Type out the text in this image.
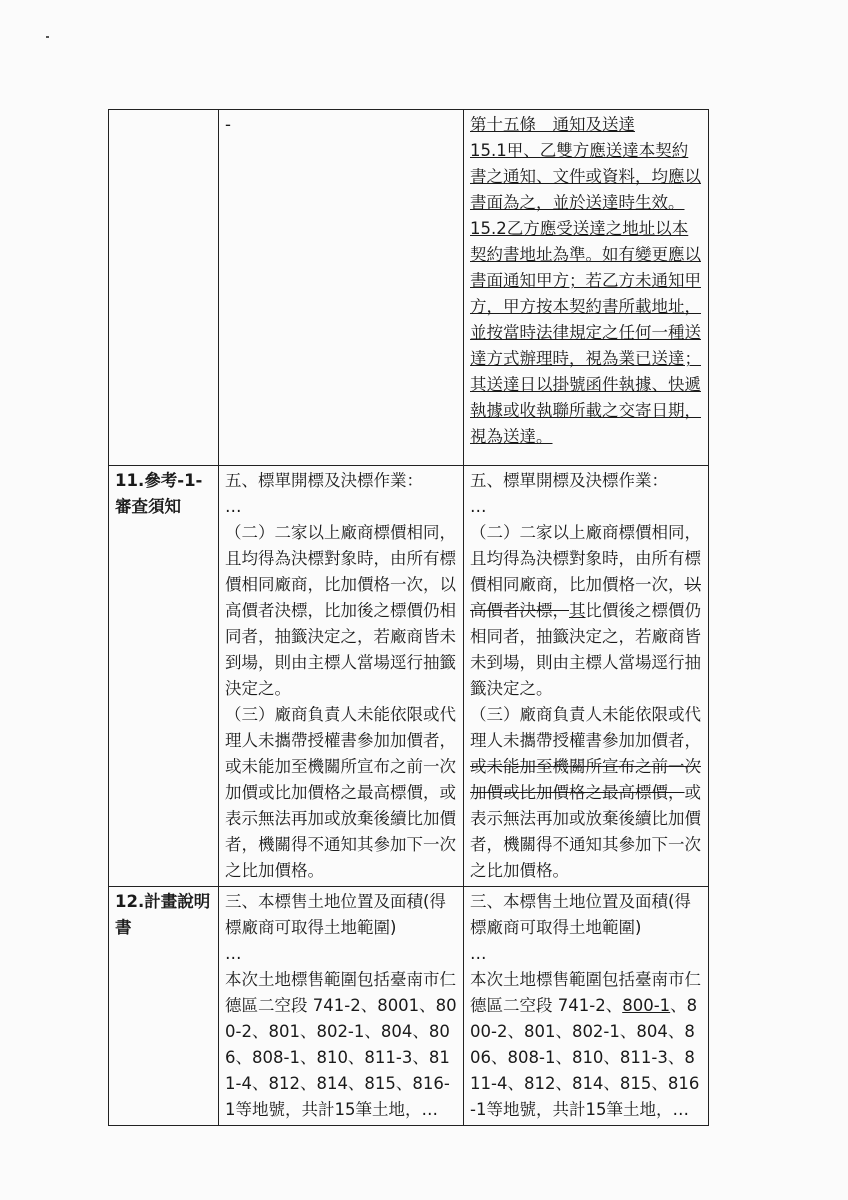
	-	第十五條　通知及送達
15.1甲、乙雙方應送達本契約書之通知、文件或資料，均應以書面為之，並於送達時生效。
15.2乙方應受送達之地址以本契約書地址為準。如有變更應以書面通知甲方；若乙方未通知甲方，甲方按本契約書所載地址，並按當時法律規定之任何一種送達方式辦理時，視為業已送達；其送達日以掛號函件執據、快遞執據或收執聯所載之交寄日期，視為送達。

11.參考-1-審查須知	五、標單開標及決標作業：
…
（二）二家以上廠商標價相同，且均得為決標對象時，由所有標價相同廠商，比加價格一次，以高價者決標，比加後之標價仍相同者，抽籤決定之，若廠商皆未到場，則由主標人當場逕行抽籤決定之。
（三）廠商負責人未能依限或代理人未攜帶授權書參加加價者，或未能加至機關所宣布之前一次加價或比加價格之最高標價，或表示無法再加或放棄後續比加價者，機關得不通知其參加下一次之比加價格。	五、標單開標及決標作業：
…
（二）二家以上廠商標價相同，且均得為決標對象時，由所有標價相同廠商，比加價格一次，以高價者決標，其比價後之標價仍相同者，抽籤決定之，若廠商皆未到場，則由主標人當場逕行抽籤決定之。
（三）廠商負責人未能依限或代理人未攜帶授權書參加加價者，或未能加至機關所宣布之前一次加價或比加價格之最高標價，或表示無法再加或放棄後續比加價者，機關得不通知其參加下一次之比加價格。

12.計畫說明書	三、本標售土地位置及面積(得標廠商可取得土地範圍)
…
本次土地標售範圍包括臺南市仁德區二空段 741-2、8001、800-2、801、802-1、804、806、808-1、810、811-3、811-4、812、814、815、816-1等地號，共計15筆土地，…	三、本標售土地位置及面積(得標廠商可取得土地範圍)
…
本次土地標售範圍包括臺南市仁德區二空段 741-2、800-1、800-2、801、802-1、804、806、808-1、810、811-3、811-4、812、814、815、816-1等地號，共計15筆土地，…
